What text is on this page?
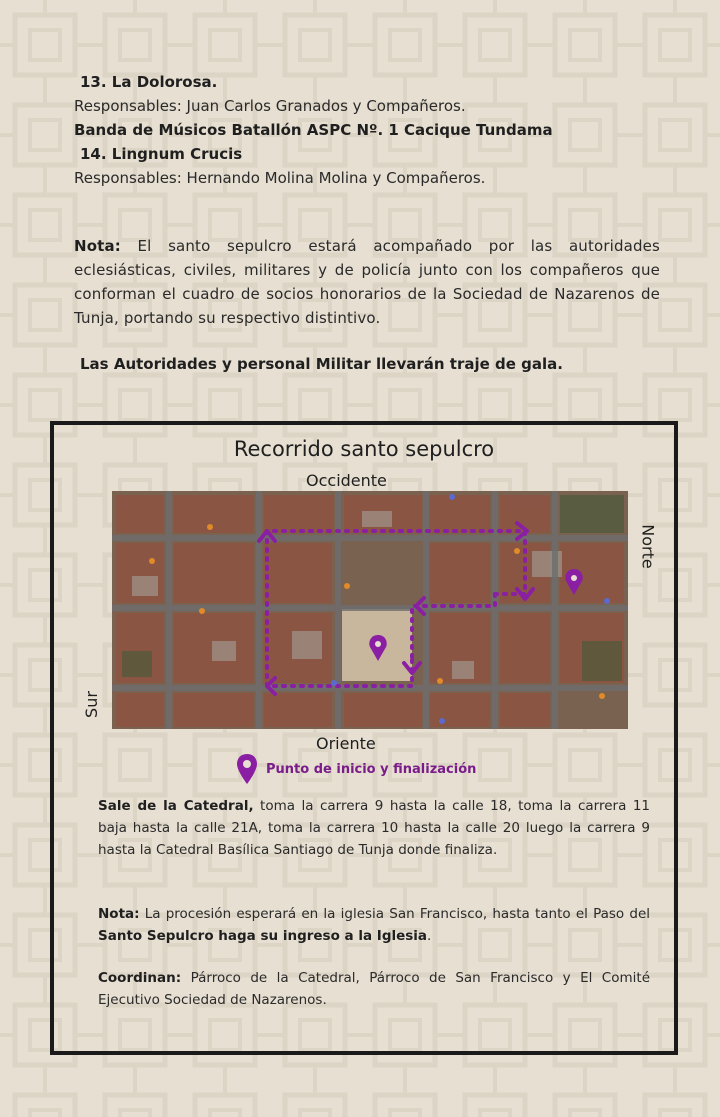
13. La Dolorosa.
Responsables: Juan Carlos Granados y Compañeros.
Banda de Músicos Batallón ASPC Nº. 1 Cacique Tundama
14. Lingnum Crucis
Responsables: Hernando Molina Molina y Compañeros.
Nota: El santo sepulcro estará acompañado por las autoridades eclesiásticas, civiles, militares y de policía junto con los compañeros que conforman el cuadro de socios honorarios de la Sociedad de Nazarenos de Tunja, portando su respectivo distintivo.
Las Autoridades y personal Militar llevarán traje de gala.
Recorrido santo sepulcro
Occidente
Oriente
Norte
Sur
Punto de inicio y finalización
Sale de la Catedral, toma la carrera 9 hasta la calle 18, toma la carrera 11 baja hasta la calle 21A, toma la carrera 10 hasta la calle 20 luego la carrera 9 hasta la Catedral Basílica Santiago de Tunja donde finaliza.
Nota: La procesión esperará en la iglesia San Francisco, hasta tanto el Paso del Santo Sepulcro haga su ingreso a la Iglesia.
Coordinan: Párroco de la Catedral, Párroco de San Francisco y El Comité Ejecutivo Sociedad de Nazarenos.
